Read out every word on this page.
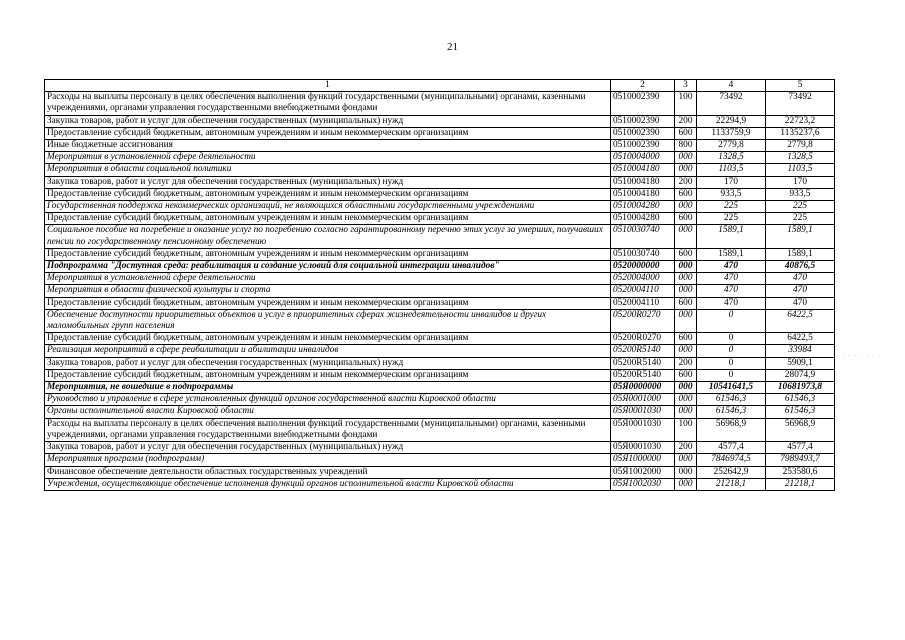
21
1	2	3	4	5
Расходы на выплаты персоналу в целях обеспечения выполнения функций государственными (муниципальными) органами, казенными учреждениями, органами управления государственными внебюджетными фондами	0510002390	100	73492	73492
Закупка товаров, работ и услуг для обеспечения государственных (муниципальных) нужд	0510002390	200	22294,9	22723,2
Предоставление субсидий бюджетным, автономным учреждениям и иным некоммерческим организациям	0510002390	600	1133759,9	1135237,6
Иные бюджетные ассигнования	0510002390	800	2779,8	2779,8
Мероприятия в установленной сфере деятельности	0510004000	000	1328,5	1328,5
Мероприятия в области социальной политики	0510004180	000	1103,5	1103,5
Закупка товаров, работ и услуг для обеспечения государственных (муниципальных) нужд	0510004180	200	170	170
Предоставление субсидий бюджетным, автономным учреждениям и иным некоммерческим организациям	0510004180	600	933,5	933,5
Государственная поддержка некоммерческих организаций, не являющихся областными государственными учреждениями	0510004280	000	225	225
Предоставление субсидий бюджетным, автономным учреждениям и иным некоммерческим организациям	0510004280	600	225	225
Социальное пособие на погребение и оказание услуг по погребению согласно гарантированному перечню этих услуг за умерших, получавших пенсии по государственному пенсионному обеспечению	0510030740	000	1589,1	1589,1
Предоставление субсидий бюджетным, автономным учреждениям и иным некоммерческим организациям	0510030740	600	1589,1	1589,1
Подпрограмма "Доступная среда: реабилитация и создание условий для социальной интеграции инвалидов"	0520000000	000	470	40876,5
Мероприятия в установленной сфере деятельности	0520004000	000	470	470
Мероприятия в области физической культуры и спорта	0520004110	000	470	470
Предоставление субсидий бюджетным, автономным учреждениям и иным некоммерческим организациям	0520004110	600	470	470
Обеспечение доступности приоритетных объектов и услуг в приоритетных сферах жизнедеятельности инвалидов и других маломобильных групп населения	05200R0270	000	0	6422,5
Предоставление субсидий бюджетным, автономным учреждениям и иным некоммерческим организациям	05200R0270	600	0	6422,5
Реализация мероприятий в сфере реабилитации и абилитации инвалидов	05200R5140	000	0	33984
Закупка товаров, работ и услуг для обеспечения государственных (муниципальных) нужд	05200R5140	200	0	5909,1
Предоставление субсидий бюджетным, автономным учреждениям и иным некоммерческим организациям	05200R5140	600	0	28074,9
Мероприятия, не вошедшие в подпрограммы	05Я0000000	000	10541641,5	10681973,8
Руководство и управление в сфере установленных функций органов государственной власти Кировской области	05Я0001000	000	61546,3	61546,3
Органы исполнительной власти Кировской области	05Я0001030	000	61546,3	61546,3
Расходы на выплаты персоналу в целях обеспечения выполнения функций государственными (муниципальными) органами, казенными учреждениями, органами управления государственными внебюджетными фондами	05Я0001030	100	56968,9	56968,9
Закупка товаров, работ и услуг для обеспечения государственных (муниципальных) нужд	05Я0001030	200	4577,4	4577,4
Мероприятия программ (подпрограмм)	05Я1000000	000	7846974,5	7989493,7
Финансовое обеспечение деятельности областных государственных учреждений	05Я1002000	000	252642,9	253580,6
Учреждения, осуществляющие обеспечение исполнения функций органов исполнительной власти Кировской области	05Я1002030	000	21218,1	21218,1
· · · · · · · ·
